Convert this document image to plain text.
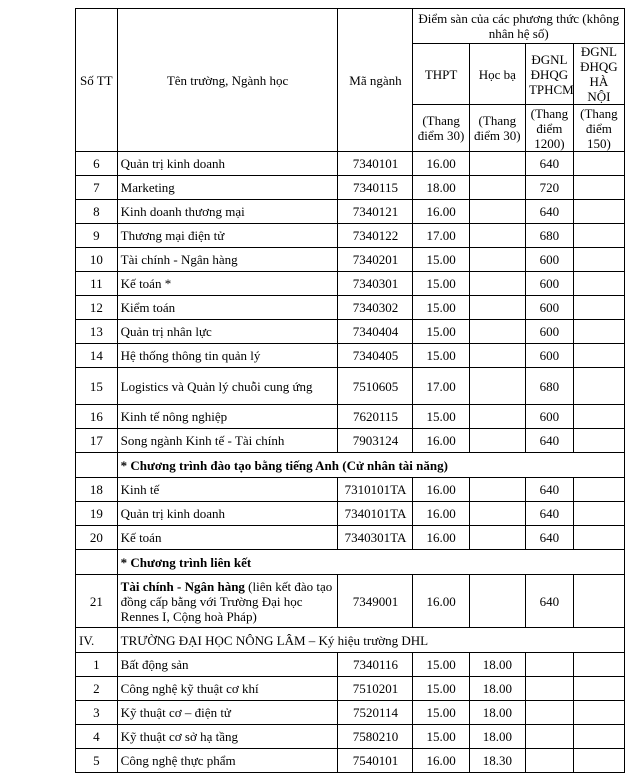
Số TT	Tên trường, Ngành học	Mã ngành	Điểm sàn của các phương thức (không nhân hệ số)			
			THPT	Học bạ	ĐGNL ĐHQG TPHCM	ĐGNL ĐHQG HÀ NỘI
			(Thang điểm 30)	(Thang điểm 30)	(Thang điểm 1200)	(Thang điểm 150)
6	Quản trị kinh doanh	7340101	16.00		640	
7	Marketing	7340115	18.00		720	
8	Kinh doanh thương mại	7340121	16.00		640	
9	Thương mại điện tử	7340122	17.00		680	
10	Tài chính - Ngân hàng	7340201	15.00		600	
11	Kế toán *	7340301	15.00		600	
12	Kiểm toán	7340302	15.00		600	
13	Quản trị nhân lực	7340404	15.00		600	
14	Hệ thống thông tin quản lý	7340405	15.00		600	
15	Logistics và Quản lý chuỗi cung ứng	7510605	17.00		680	
16	Kinh tế nông nghiệp	7620115	15.00		600	
17	Song ngành Kinh tế - Tài chính	7903124	16.00		640	
	* Chương trình đào tạo bằng tiếng Anh (Cử nhân tài năng)					
18	Kinh tế	7310101TA	16.00		640	
19	Quản trị kinh doanh	7340101TA	16.00		640	
20	Kế toán	7340301TA	16.00		640	
	* Chương trình liên kết					
21	Tài chính - Ngân hàng (liên kết đào tạo đồng cấp bằng với Trường Đại học Rennes I, Cộng hoà Pháp)	7349001	16.00		640	
IV.	TRƯỜNG ĐẠI HỌC NÔNG LÂM – Ký hiệu trường DHL					
1	Bất động sản	7340116	15.00	18.00		
2	Công nghệ kỹ thuật cơ khí	7510201	15.00	18.00		
3	Kỹ thuật cơ – điện tử	7520114	15.00	18.00		
4	Kỹ thuật cơ sở hạ tầng	7580210	15.00	18.00		
5	Công nghệ thực phẩm	7540101	16.00	18.30		
